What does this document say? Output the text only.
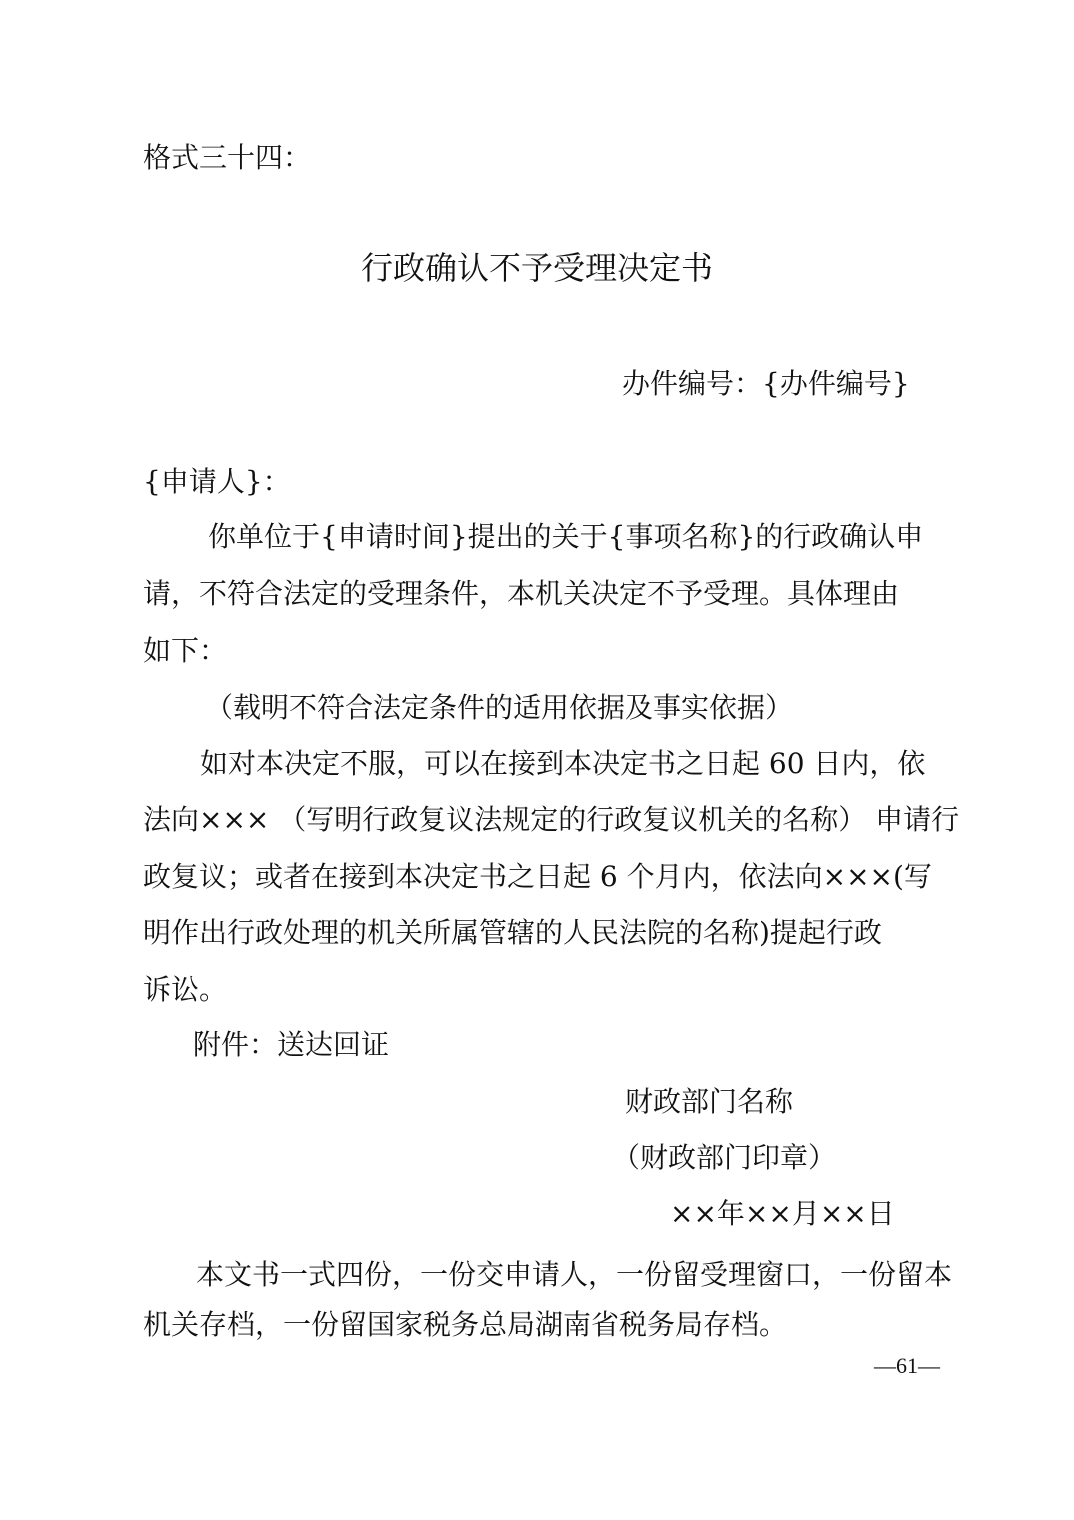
格式三十四：
行政确认不予受理决定书
办件编号：{办件编号}
{申请人}：
你单位于{申请时间}提出的关于{事项名称}的行政确认申
请，不符合法定的受理条件，本机关决定不予受理。具体理由
如下：
（载明不符合法定条件的适用依据及事实依据）
如对本决定不服，可以在接到本决定书之日起 60 日内，依
法向××× （写明行政复议法规定的行政复议机关的名称） 申请行
政复议；或者在接到本决定书之日起 6 个月内，依法向×××(写
明作出行政处理的机关所属管辖的人民法院的名称)提起行政
诉讼。
附件：送达回证
财政部门名称
（财政部门印章）
××年××月××日
本文书一式四份，一份交申请人，一份留受理窗口，一份留本
机关存档，一份留国家税务总局湖南省税务局存档。
—61—
